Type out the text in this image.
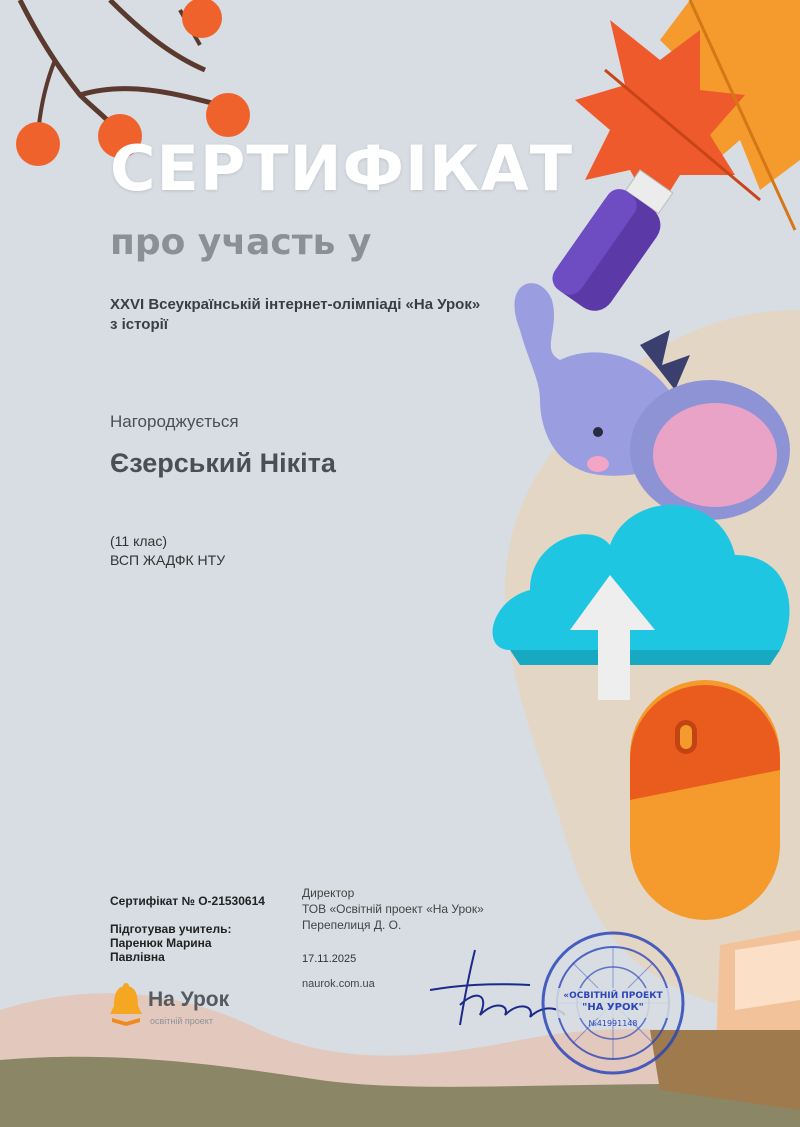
СЕРТИФІКАТ
про участь у
XXVI Всеукраїнській інтернет-олімпіаді «На Урок»
з історії
Нагороджується
Єзерський Нікіта
(11 клас)
ВСП ЖАДФК НТУ
Сертифікат № О-21530614
Підготував учитель:
Паренюк Марина
Павлівна
Директор
ТОВ «Освітній проект «На Урок»
Перепелиця Д. О.
17.11.2025
naurok.com.ua
На Урок
освітній проект
«ОСВІТНІЙ ПРОЕКТ
"НА УРОК"
№41991148
